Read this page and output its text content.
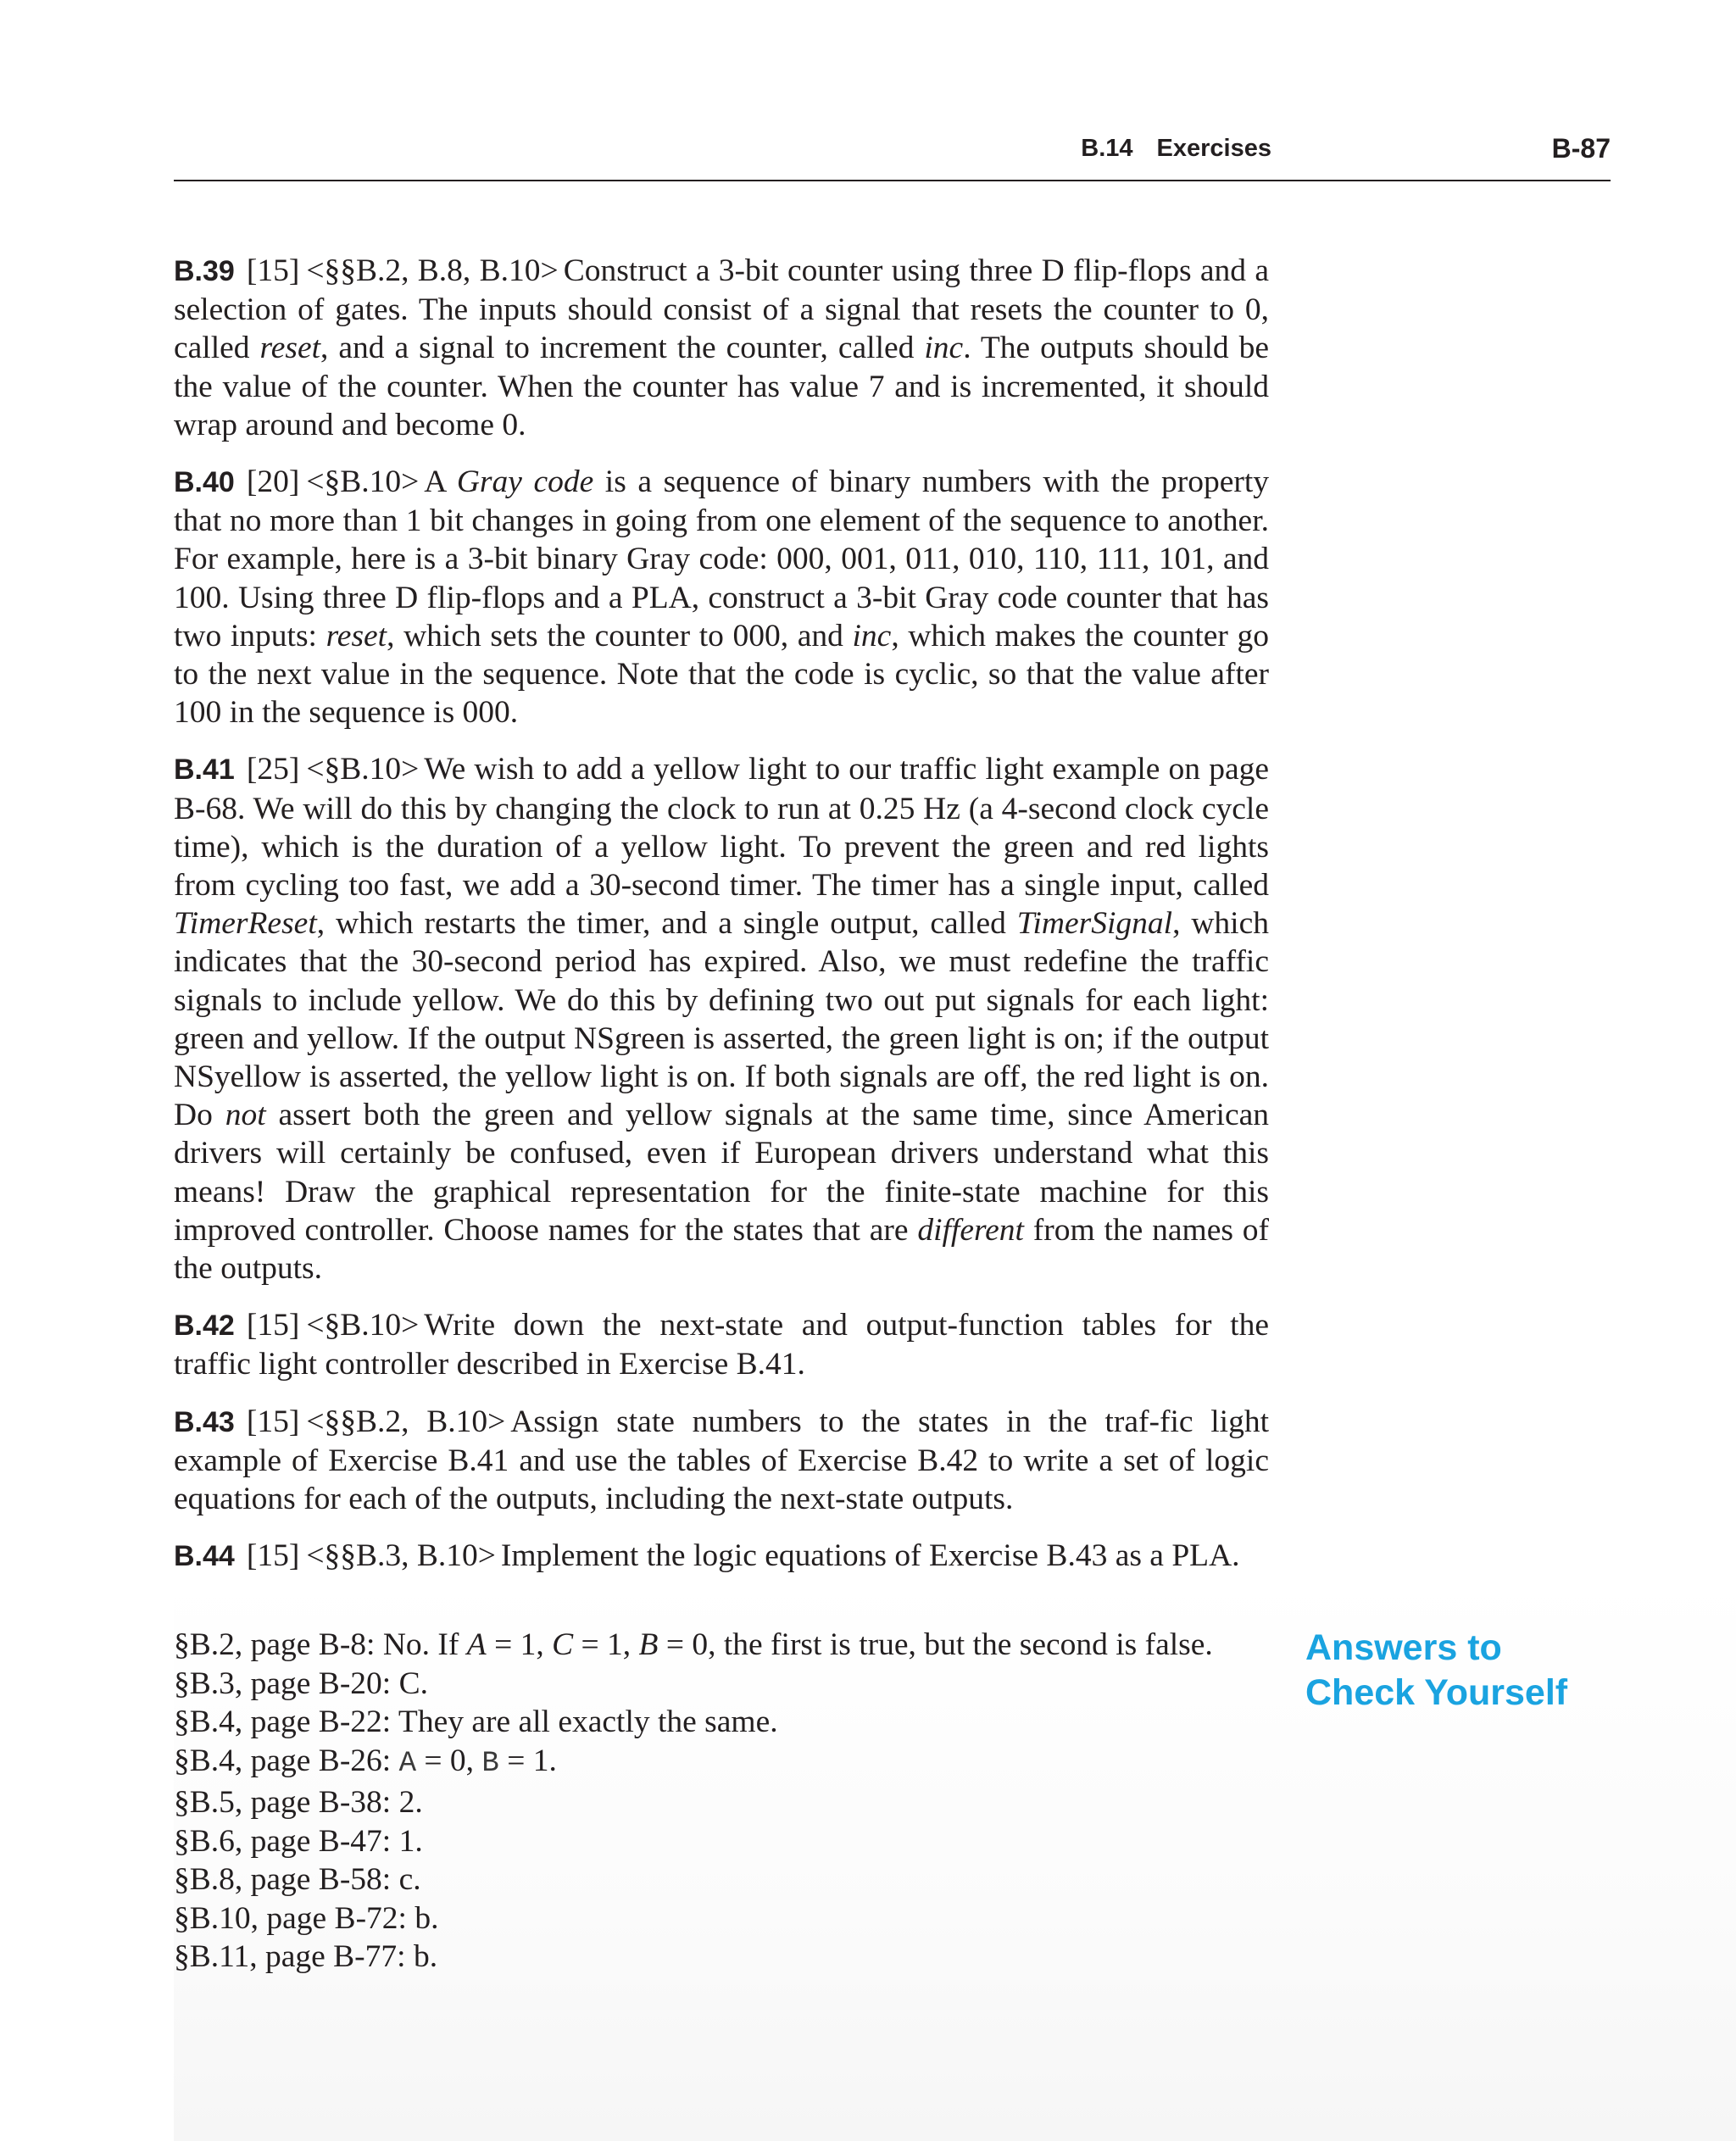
B.14 Exercises	B-87

B.39 [15] <§§B.2, B.8, B.10> Construct a 3-bit counter using three D flip-flops and a selection of gates. The inputs should consist of a signal that resets the counter to 0, called reset, and a signal to increment the counter, called inc. The outputs should be the value of the counter. When the counter has value 7 and is incremented, it should wrap around and become 0.

B.40 [20] <§B.10> A Gray code is a sequence of binary numbers with the property that no more than 1 bit changes in going from one element of the sequence to another. For example, here is a 3-bit binary Gray code: 000, 001, 011, 010, 110, 111, 101, and 100. Using three D flip-flops and a PLA, construct a 3-bit Gray code counter that has two inputs: reset, which sets the counter to 000, and inc, which makes the counter go to the next value in the sequence. Note that the code is cyclic, so that the value after 100 in the sequence is 000.

B.41 [25] <§B.10> We wish to add a yellow light to our traffic light example on page B-68. We will do this by changing the clock to run at 0.25 Hz (a 4-second clock cycle time), which is the duration of a yellow light. To prevent the green and red lights from cycling too fast, we add a 30-second timer. The timer has a single input, called TimerReset, which restarts the timer, and a single output, called TimerSignal, which indicates that the 30-second period has expired. Also, we must redefine the traffic signals to include yellow. We do this by defining two out put signals for each light: green and yellow. If the output NSgreen is asserted, the green light is on; if the output NSyellow is asserted, the yellow light is on. If both signals are off, the red light is on. Do not assert both the green and yellow signals at the same time, since American drivers will certainly be confused, even if European drivers understand what this means! Draw the graphical representation for the finite-state machine for this improved controller. Choose names for the states that are different from the names of the outputs.

B.42 [15] <§B.10> Write down the next-state and output-function tables for the traffic light controller described in Exercise B.41.

B.43 [15] <§§B.2, B.10> Assign state numbers to the states in the traf-fic light example of Exercise B.41 and use the tables of Exercise B.42 to write a set of logic equations for each of the outputs, including the next-state outputs.

B.44 [15] <§§B.3, B.10> Implement the logic equations of Exercise B.43 as a PLA.

§B.2, page B-8: No. If A = 1, C = 1, B = 0, the first is true, but the second is false.
§B.3, page B-20: C.
§B.4, page B-22: They are all exactly the same.
§B.4, page B-26: A = 0, B = 1.
§B.5, page B-38: 2.
§B.6, page B-47: 1.
§B.8, page B-58: c.
§B.10, page B-72: b.
§B.11, page B-77: b.
Answers to
Check Yourself
